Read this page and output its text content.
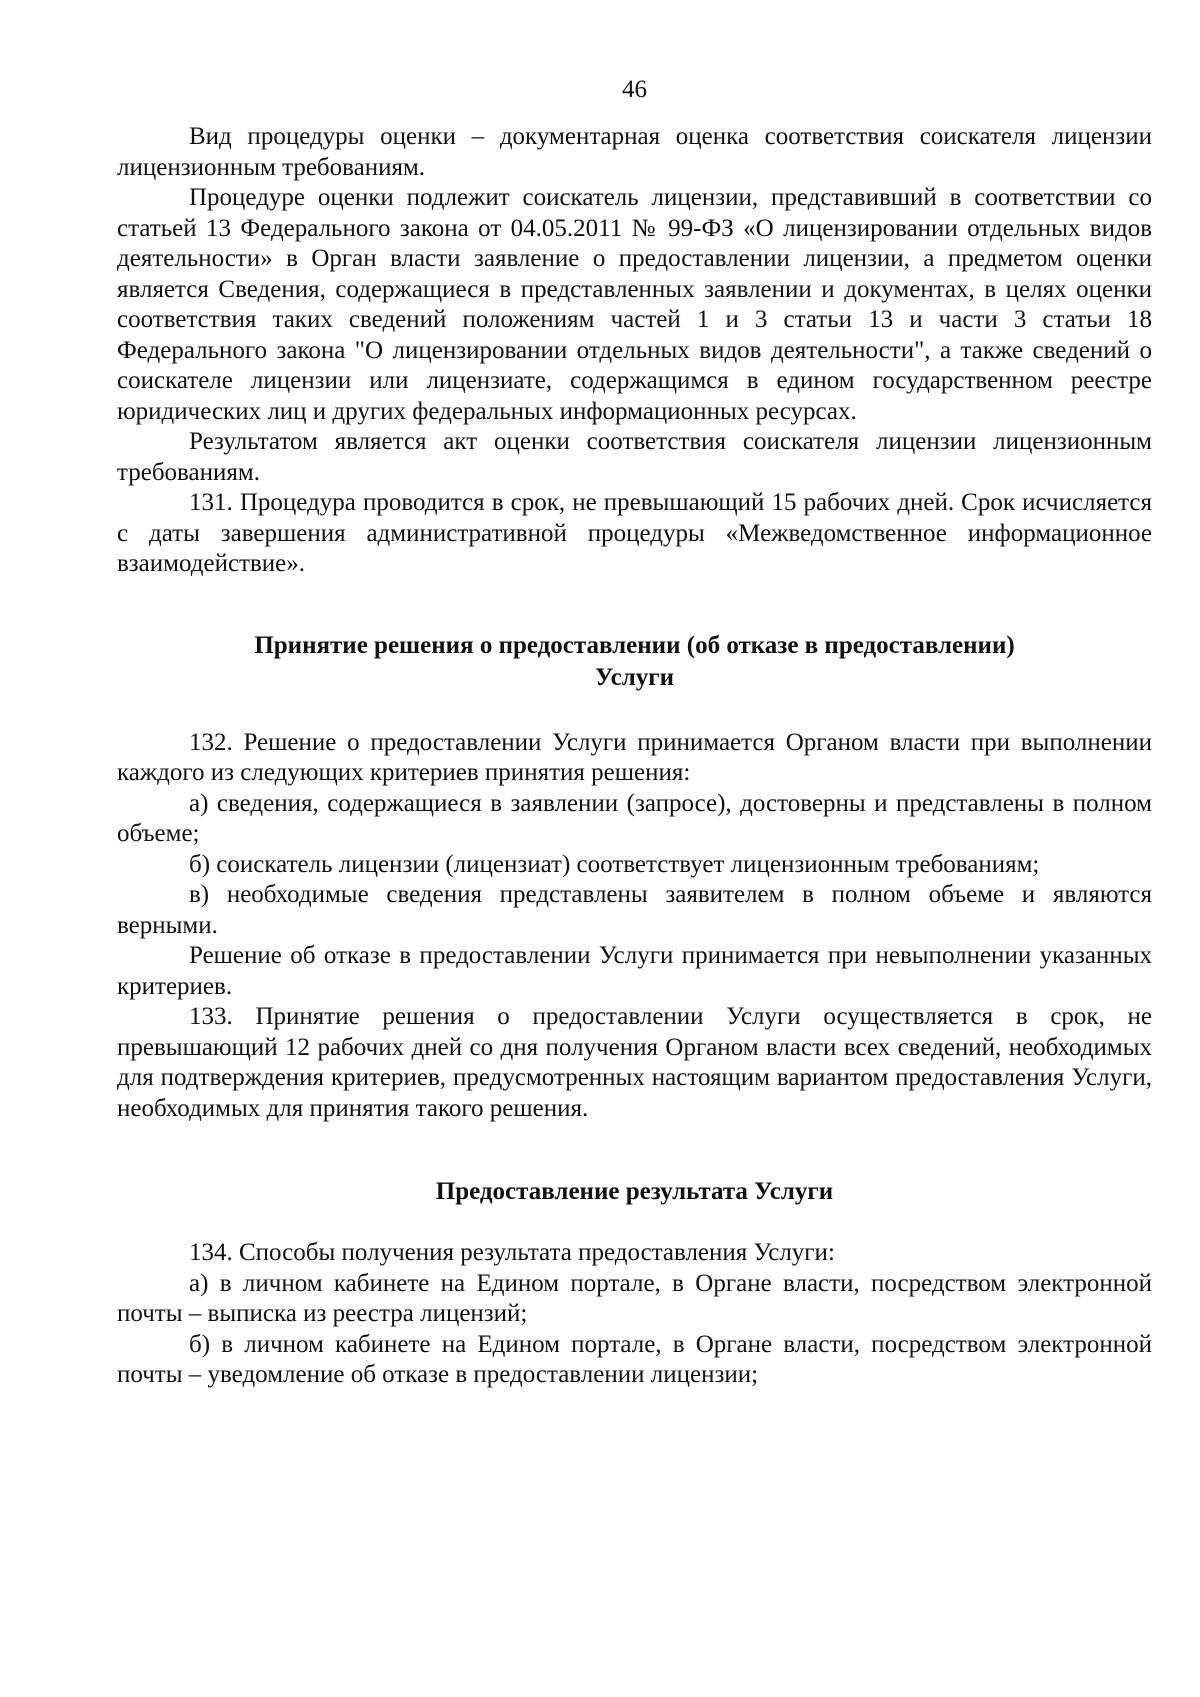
46

Вид процедуры оценки – документарная оценка соответствия соискателя лицензии лицензионным требованиям.

Процедуре оценки подлежит соискатель лицензии, представивший в соответствии со статьей 13 Федерального закона от 04.05.2011 № 99-ФЗ «О лицензировании отдельных видов деятельности» в Орган власти заявление о предоставлении лицензии, а предметом оценки является Сведения, содержащиеся в представленных заявлении и документах, в целях оценки соответствия таких сведений положениям частей 1 и 3 статьи 13 и части 3 статьи 18 Федерального закона "О лицензировании отдельных видов деятельности", а также сведений о соискателе лицензии или лицензиате, содержащимся в едином государственном реестре юридических лиц и других федеральных информационных ресурсах.

Результатом является акт оценки соответствия соискателя лицензии лицензионным требованиям.

131. Процедура проводится в срок, не превышающий 15 рабочих дней. Срок исчисляется с даты завершения административной процедуры «Межведомственное информационное взаимодействие».

Принятие решения о предоставлении (об отказе в предоставлении)

Услуги

132. Решение о предоставлении Услуги принимается Органом власти при выполнении каждого из следующих критериев принятия решения:

а) сведения, содержащиеся в заявлении (запросе), достоверны и представлены в полном объеме;

б) соискатель лицензии (лицензиат) соответствует лицензионным требованиям;

в) необходимые сведения представлены заявителем в полном объеме и являются верными.

Решение об отказе в предоставлении Услуги принимается при невыполнении указанных критериев.

133. Принятие решения о предоставлении Услуги осуществляется в срок, не превышающий 12 рабочих дней со дня получения Органом власти всех сведений, необходимых для подтверждения критериев, предусмотренных настоящим вариантом предоставления Услуги, необходимых для принятия такого решения.

Предоставление результата Услуги

134. Способы получения результата предоставления Услуги:

а) в личном кабинете на Едином портале, в Органе власти, посредством электронной почты – выписка из реестра лицензий;

б) в личном кабинете на Едином портале, в Органе власти, посредством электронной почты – уведомление об отказе в предоставлении лицензии;
